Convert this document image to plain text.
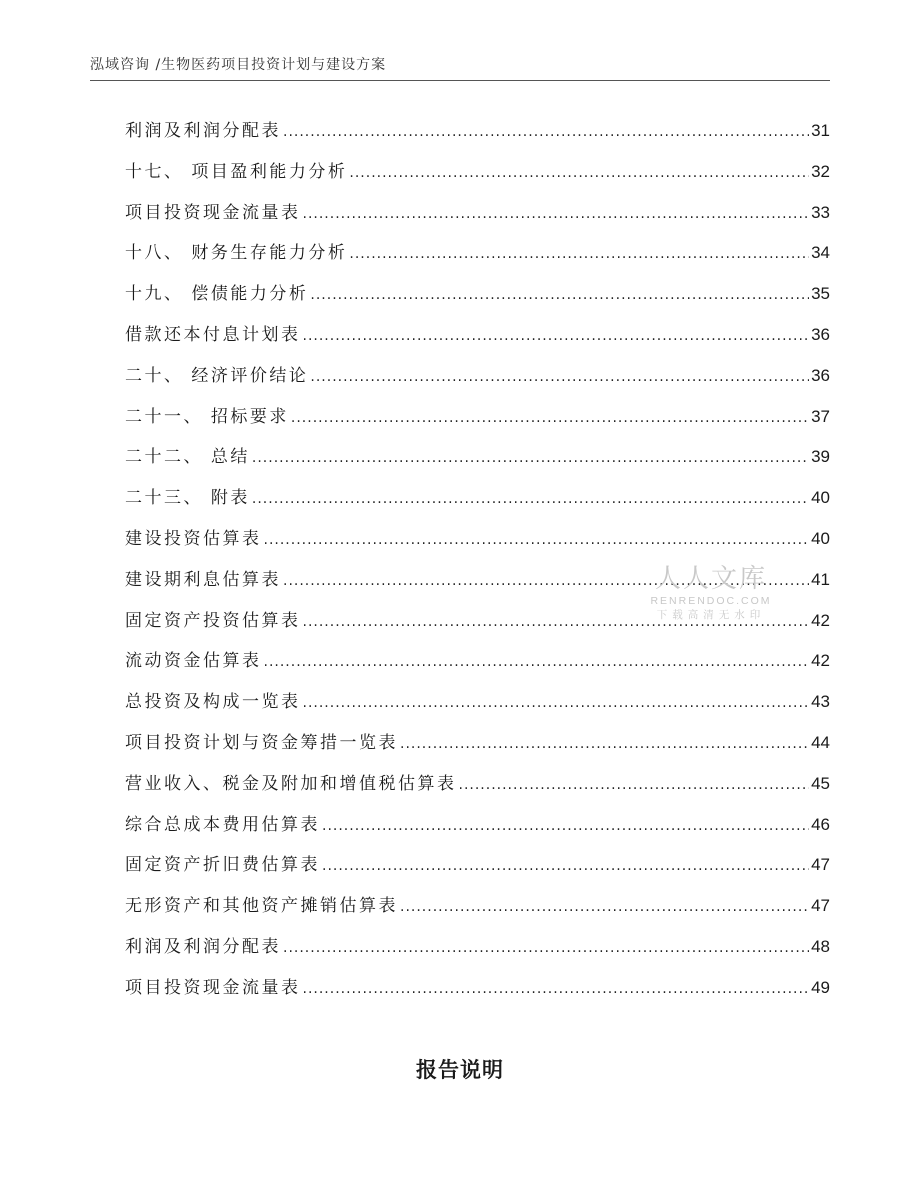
泓域咨询 /生物医药项目投资计划与建设方案
利润及利润分配表 .....	31
十七、 项目盈利能力分析 .....	32
项目投资现金流量表 .....	33
十八、 财务生存能力分析 .....	34
十九、 偿债能力分析 .....	35
借款还本付息计划表 .....	36
二十、 经济评价结论 .....	36
二十一、 招标要求 .....	37
二十二、 总结 .....	39
二十三、 附表 .....	40
建设投资估算表 .....	40
建设期利息估算表 .....	41
固定资产投资估算表 .....	42
流动资金估算表 .....	42
总投资及构成一览表 .....	43
项目投资计划与资金筹措一览表 .....	44
营业收入、税金及附加和增值税估算表 .....	45
综合总成本费用估算表 .....	46
固定资产折旧费估算表 .....	47
无形资产和其他资产摊销估算表 .....	47
利润及利润分配表 .....	48
项目投资现金流量表 .....	49
人人文库
RENRENDOC.COM
下载高清无水印
报告说明
